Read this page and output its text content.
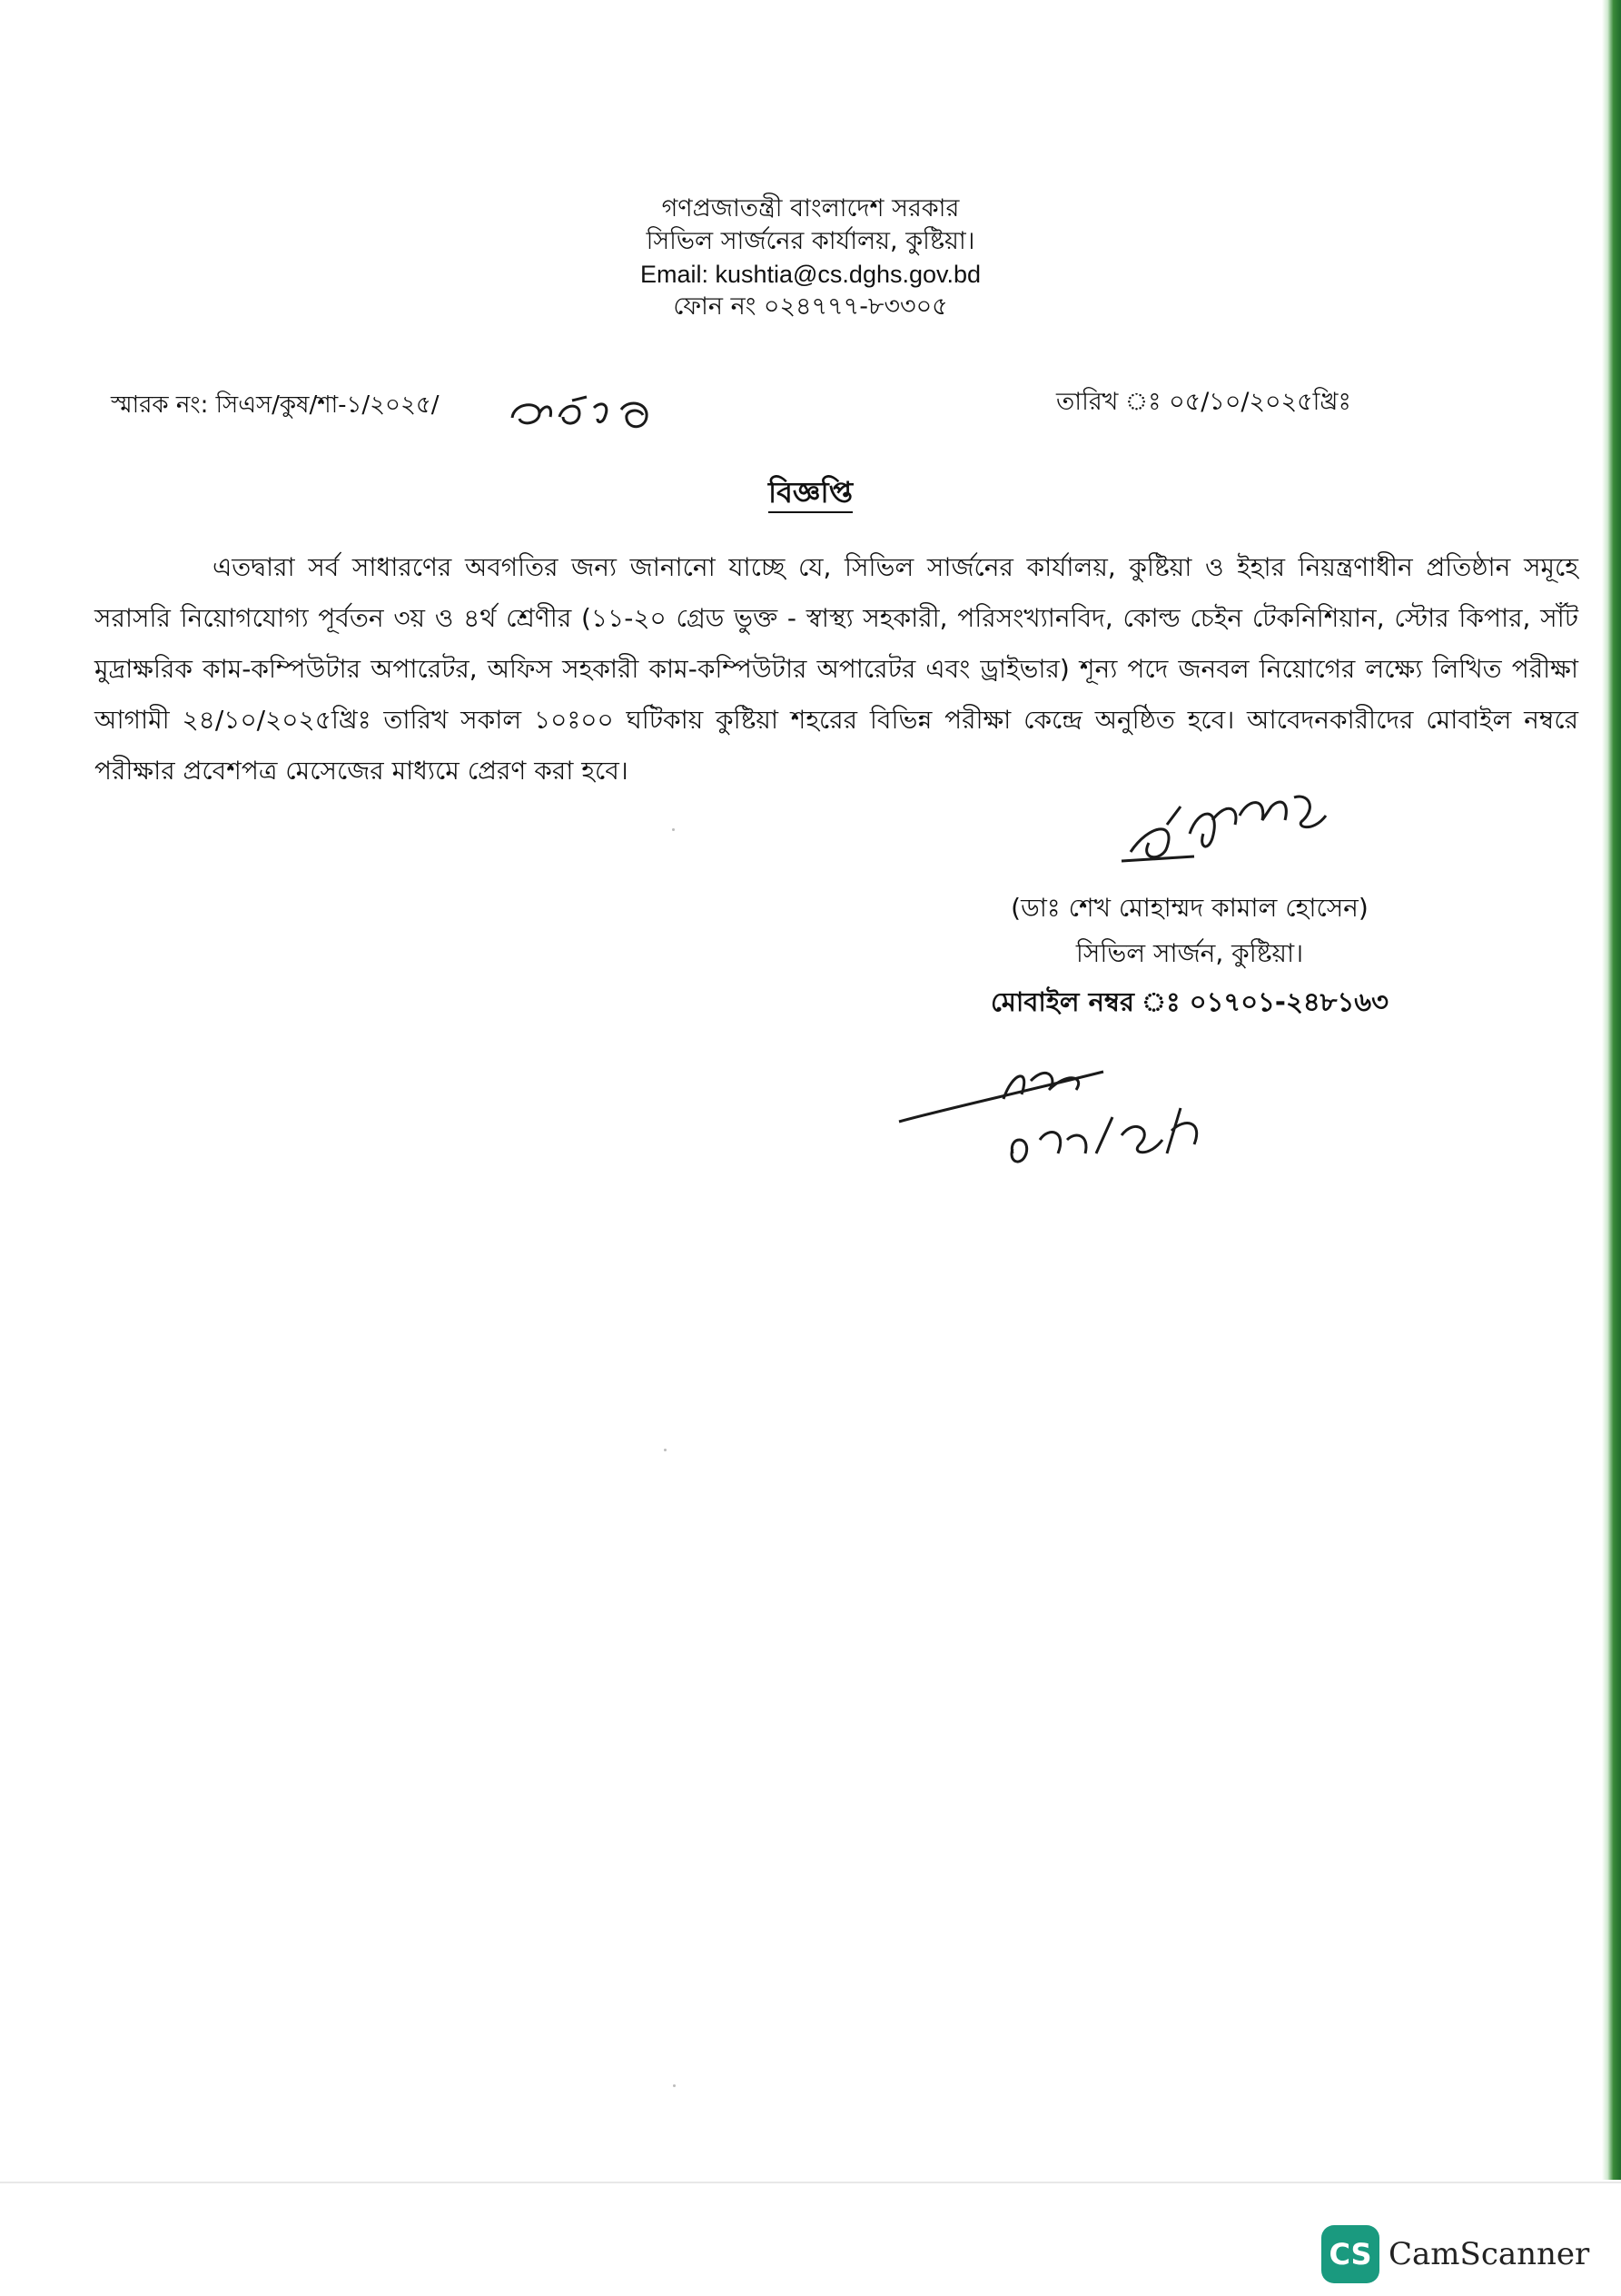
গণপ্রজাতন্ত্রী বাংলাদেশ সরকার
সিভিল সার্জনের কার্যালয়, কুষ্টিয়া।
Email: kushtia@cs.dghs.gov.bd
ফোন নং ০২৪৭৭৭-৮৩৩০৫
স্মারক নং: সিএস/কুষ/শা-১/২০২৫/	তারিখ ঃ ০৫/১০/২০২৫খ্রিঃ
বিজ্ঞপ্তি
এতদ্বারা সর্ব সাধারণের অবগতির জন্য জানানো যাচ্ছে যে, সিভিল সার্জনের কার্যালয়, কুষ্টিয়া ও ইহার নিয়ন্ত্রণাধীন প্রতিষ্ঠান সমূহে সরাসরি নিয়োগযোগ্য পূর্বতন ৩য় ও ৪র্থ শ্রেণীর (১১-২০ গ্রেড ভুক্ত - স্বাস্থ্য সহকারী, পরিসংখ্যানবিদ, কোল্ড চেইন টেকনিশিয়ান, স্টোর কিপার, সাঁট মুদ্রাক্ষরিক কাম-কম্পিউটার অপারেটর, অফিস সহকারী কাম-কম্পিউটার অপারেটর এবং ড্রাইভার) শূন্য পদে জনবল নিয়োগের লক্ষ্যে লিখিত পরীক্ষা আগামী ২৪/১০/২০২৫খ্রিঃ তারিখ সকাল ১০ঃ০০ ঘটিকায় কুষ্টিয়া শহরের বিভিন্ন পরীক্ষা কেন্দ্রে অনুষ্ঠিত হবে। আবেদনকারীদের মোবাইল নম্বরে পরীক্ষার প্রবেশপত্র মেসেজের মাধ্যমে প্রেরণ করা হবে।
(ডাঃ শেখ মোহাম্মদ কামাল হোসেন)
সিভিল সার্জন, কুষ্টিয়া।
মোবাইল নম্বর ঃ ০১৭০১-২৪৮১৬৩
CS CamScanner
